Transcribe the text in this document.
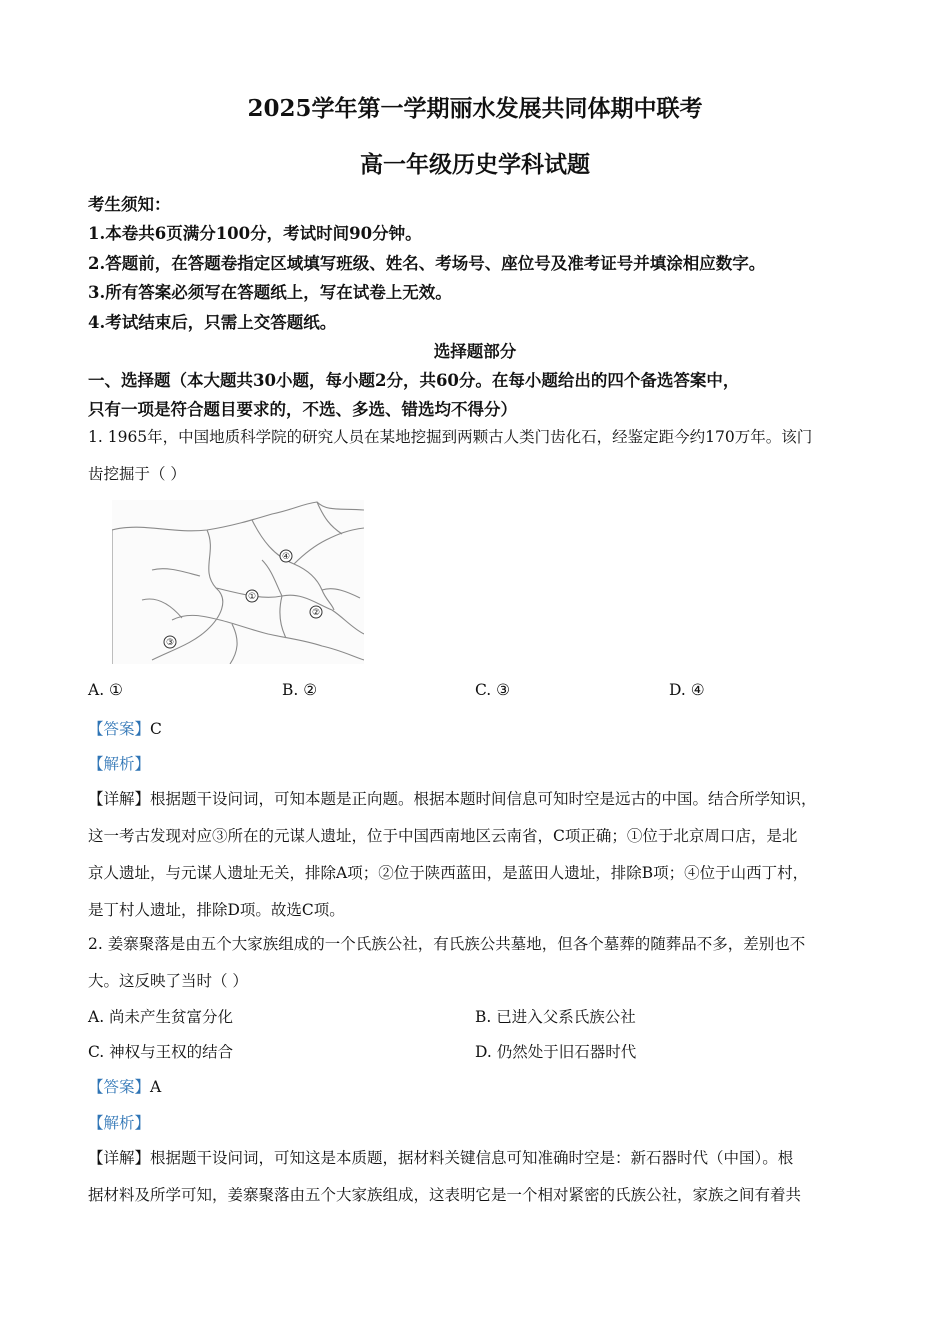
2025学年第一学期丽水发展共同体期中联考
高一年级历史学科试题
考生须知：
1.本卷共6页满分100分，考试时间90分钟。
2.答题前，在答题卷指定区域填写班级、姓名、考场号、座位号及准考证号并填涂相应数字。
3.所有答案必须写在答题纸上，写在试卷上无效。
4.考试结束后，只需上交答题纸。
选择题部分
一、选择题（本大题共30小题，每小题2分，共60分。在每小题给出的四个备选答案中，
只有一项是符合题目要求的，不选、多选、错选均不得分）
1. 1965年，中国地质科学院的研究人员在某地挖掘到两颗古人类门齿化石，经鉴定距今约170万年。该门
齿挖掘于（ ）
④
①
②
③
A. ①	B. ②	C. ③	D. ④
【答案】C
【解析】
【详解】根据题干设问词，可知本题是正向题。根据本题时间信息可知时空是远古的中国。结合所学知识，
这一考古发现对应③所在的元谋人遗址，位于中国西南地区云南省，C项正确；①位于北京周口店，是北
京人遗址，与元谋人遗址无关，排除A项；②位于陕西蓝田，是蓝田人遗址，排除B项；④位于山西丁村，
是丁村人遗址，排除D项。故选C项。
2. 姜寨聚落是由五个大家族组成的一个氏族公社，有氏族公共墓地，但各个墓葬的随葬品不多，差别也不
大。这反映了当时（ ）
A. 尚未产生贫富分化	B. 已进入父系氏族公社
C. 神权与王权的结合	D. 仍然处于旧石器时代
【答案】A
【解析】
【详解】根据题干设问词，可知这是本质题，据材料关键信息可知准确时空是：新石器时代（中国）。根
据材料及所学可知，姜寨聚落由五个大家族组成，这表明它是一个相对紧密的氏族公社，家族之间有着共
